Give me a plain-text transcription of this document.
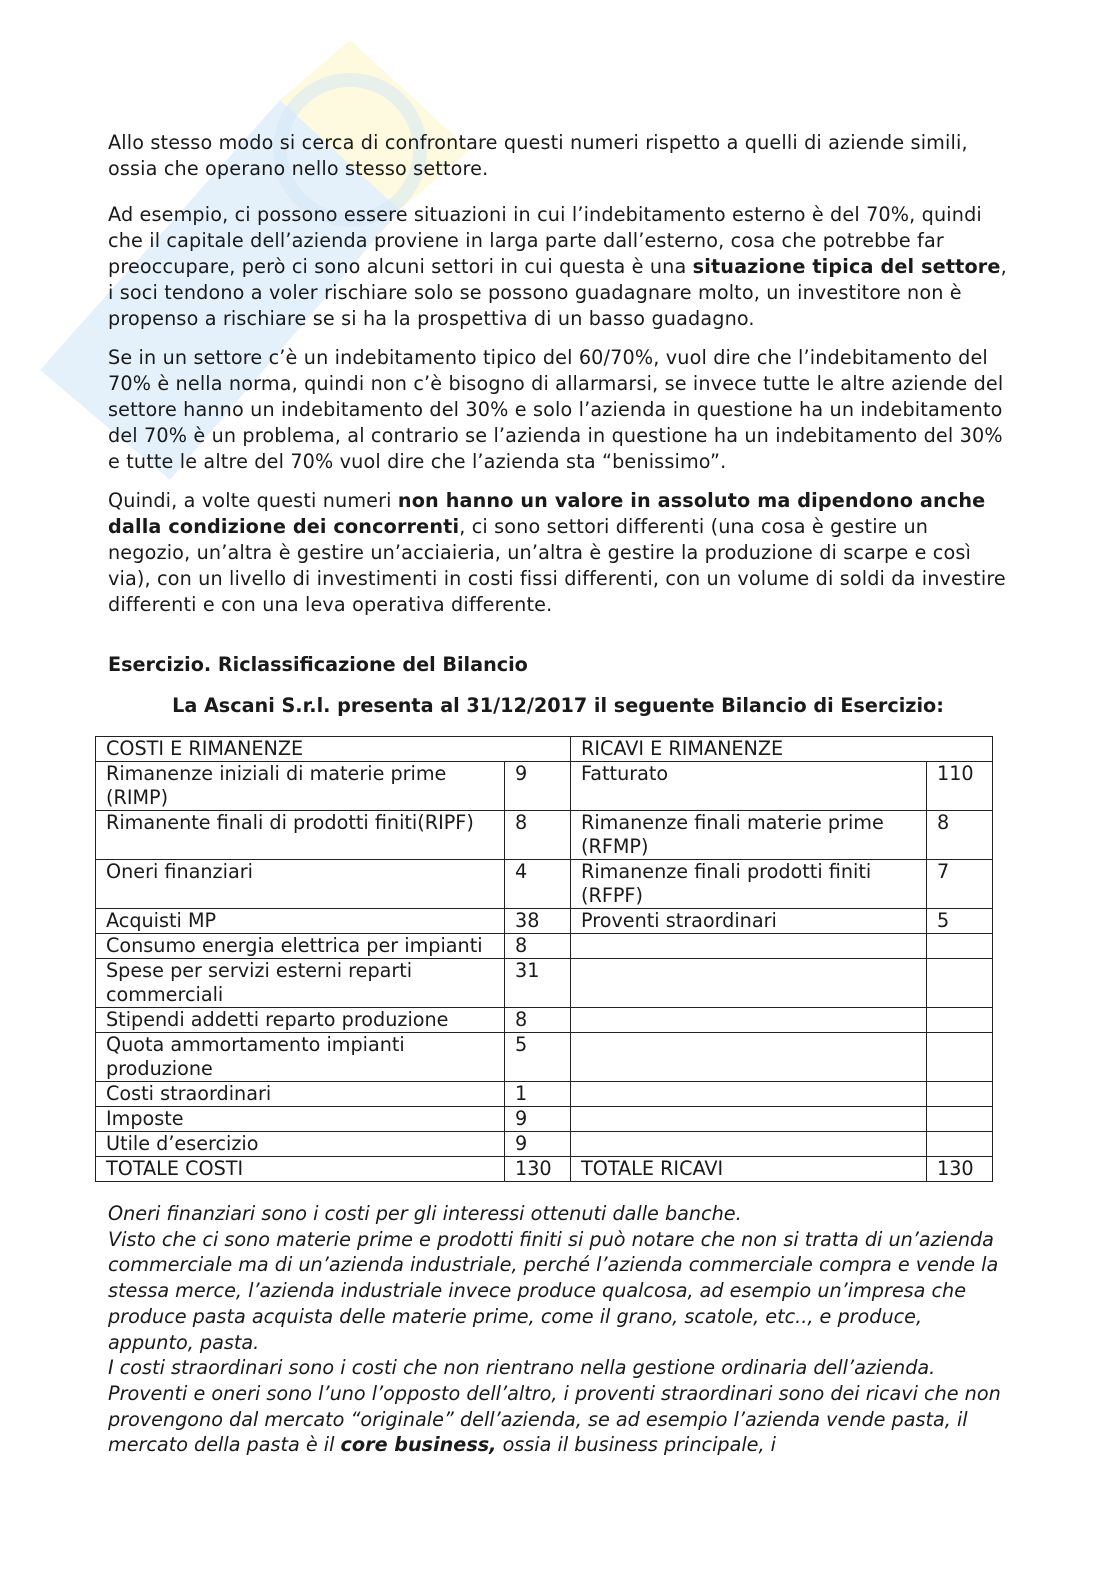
Allo stesso modo si cerca di confrontare questi numeri rispetto a quelli di aziende simili, ossia che operano nello stesso settore.

Ad esempio, ci possono essere situazioni in cui l’indebitamento esterno è del 70%, quindi che il capitale dell’azienda proviene in larga parte dall’esterno, cosa che potrebbe far preoccupare, però ci sono alcuni settori in cui questa è una situazione tipica del settore, i soci tendono a voler rischiare solo se possono guadagnare molto, un investitore non è propenso a rischiare se si ha la prospettiva di un basso guadagno.

Se in un settore c’è un indebitamento tipico del 60/70%, vuol dire che l’indebitamento del 70% è nella norma, quindi non c’è bisogno di allarmarsi, se invece tutte le altre aziende del settore hanno un indebitamento del 30% e solo l’azienda in questione ha un indebitamento del 70% è un problema, al contrario se l’azienda in questione ha un indebitamento del 30% e tutte le altre del 70% vuol dire che l’azienda sta “benissimo”.

Quindi, a volte questi numeri non hanno un valore in assoluto ma dipendono anche dalla condizione dei concorrenti, ci sono settori differenti (una cosa è gestire un negozio, un’altra è gestire un’acciaieria, un’altra è gestire la produzione di scarpe e così via), con un livello di investimenti in costi fissi differenti, con un volume di soldi da investire differenti e con una leva operativa differente.

Esercizio. Riclassificazione del Bilancio
La Ascani S.r.l. presenta al 31/12/2017 il seguente Bilancio di Esercizio:
COSTI E RIMANENZE		RICAVI E RIMANENZE	
Rimanenze iniziali di materie prime (RIMP)	9	Fatturato	110
Rimanente finali di prodotti finiti(RIPF)	8	Rimanenze finali materie prime (RFMP)	8
Oneri finanziari	4	Rimanenze finali prodotti finiti (RFPF)	7
Acquisti MP	38	Proventi straordinari	5
Consumo energia elettrica per impianti	8		
Spese per servizi esterni reparti commerciali	31		
Stipendi addetti reparto produzione	8		
Quota ammortamento impianti produzione	5		
Costi straordinari	1		
Imposte	9		
Utile d’esercizio	9		
TOTALE COSTI	130	TOTALE RICAVI	130
Oneri finanziari sono i costi per gli interessi ottenuti dalle banche.
Visto che ci sono materie prime e prodotti finiti si può notare che non si tratta di un’azienda commerciale ma di un’azienda industriale, perché l’azienda commerciale compra e vende la stessa merce, l’azienda industriale invece produce qualcosa, ad esempio un’impresa che produce pasta acquista delle materie prime, come il grano, scatole, etc.., e produce, appunto, pasta.
I costi straordinari sono i costi che non rientrano nella gestione ordinaria dell’azienda.
Proventi e oneri sono l’uno l’opposto dell’altro, i proventi straordinari sono dei ricavi che non provengono dal mercato “originale” dell’azienda, se ad esempio l’azienda vende pasta, il mercato della pasta è il core business, ossia il business principale, i
